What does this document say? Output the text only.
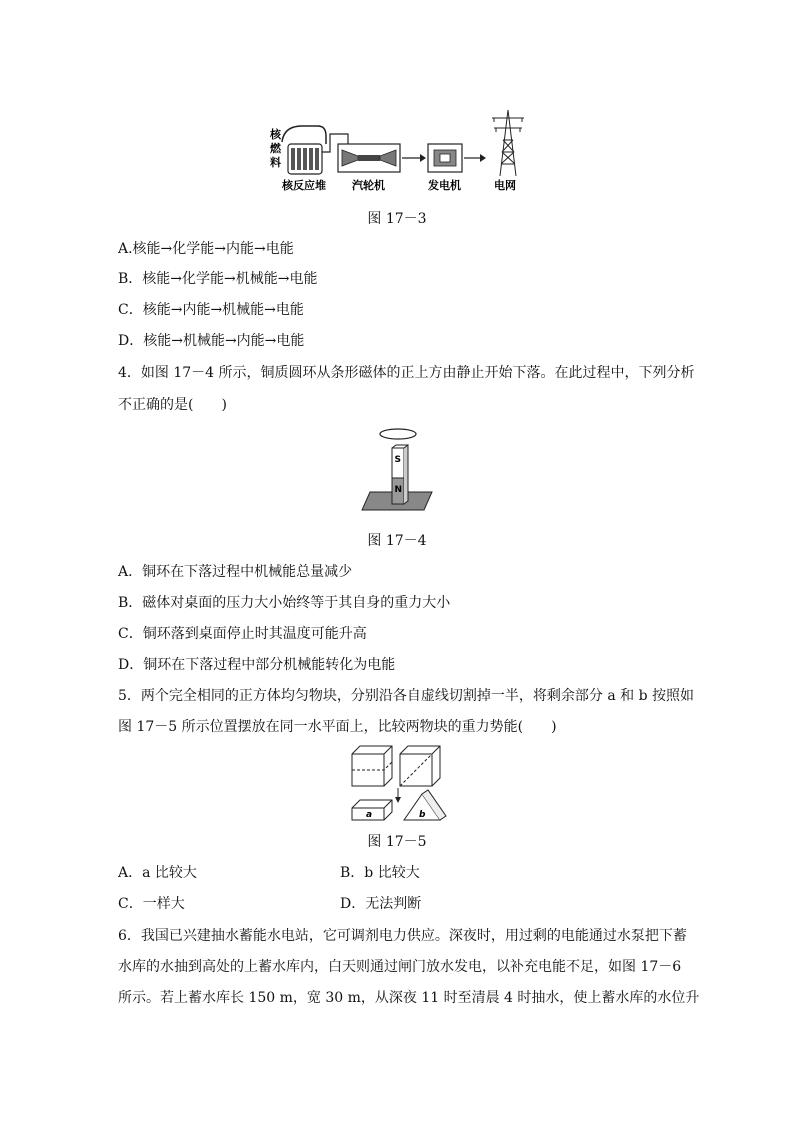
核
燃
料
核反应堆 汽轮机	发电机	电网
图 17－3
A.核能→化学能→内能→电能
B．核能→化学能→机械能→电能
C．核能→内能→机械能→电能
D．核能→机械能→内能→电能
4．如图 17－4 所示，铜质圆环从条形磁体的正上方由静止开始下落。在此过程中，下列分析
不正确的是(　　)
S
N
图 17－4
A．铜环在下落过程中机械能总量减少
B．磁体对桌面的压力大小始终等于其自身的重力大小
C．铜环落到桌面停止时其温度可能升高
D．铜环在下落过程中部分机械能转化为电能
5．两个完全相同的正方体均匀物块，分别沿各自虚线切割掉一半，将剩余部分 a 和 b 按照如
图 17－5 所示位置摆放在同一水平面上，比较两物块的重力势能(　　)
a	b
图 17－5
A．a 比较大	B．b 比较大
C．一样大	D．无法判断
6．我国已兴建抽水蓄能水电站，它可调剂电力供应。深夜时，用过剩的电能通过水泵把下蓄
水库的水抽到高处的上蓄水库内，白天则通过闸门放水发电，以补充电能不足，如图 17－6
所示。若上蓄水库长 150 m，宽 30 m，从深夜 11 时至清晨 4 时抽水，使上蓄水库的水位升
